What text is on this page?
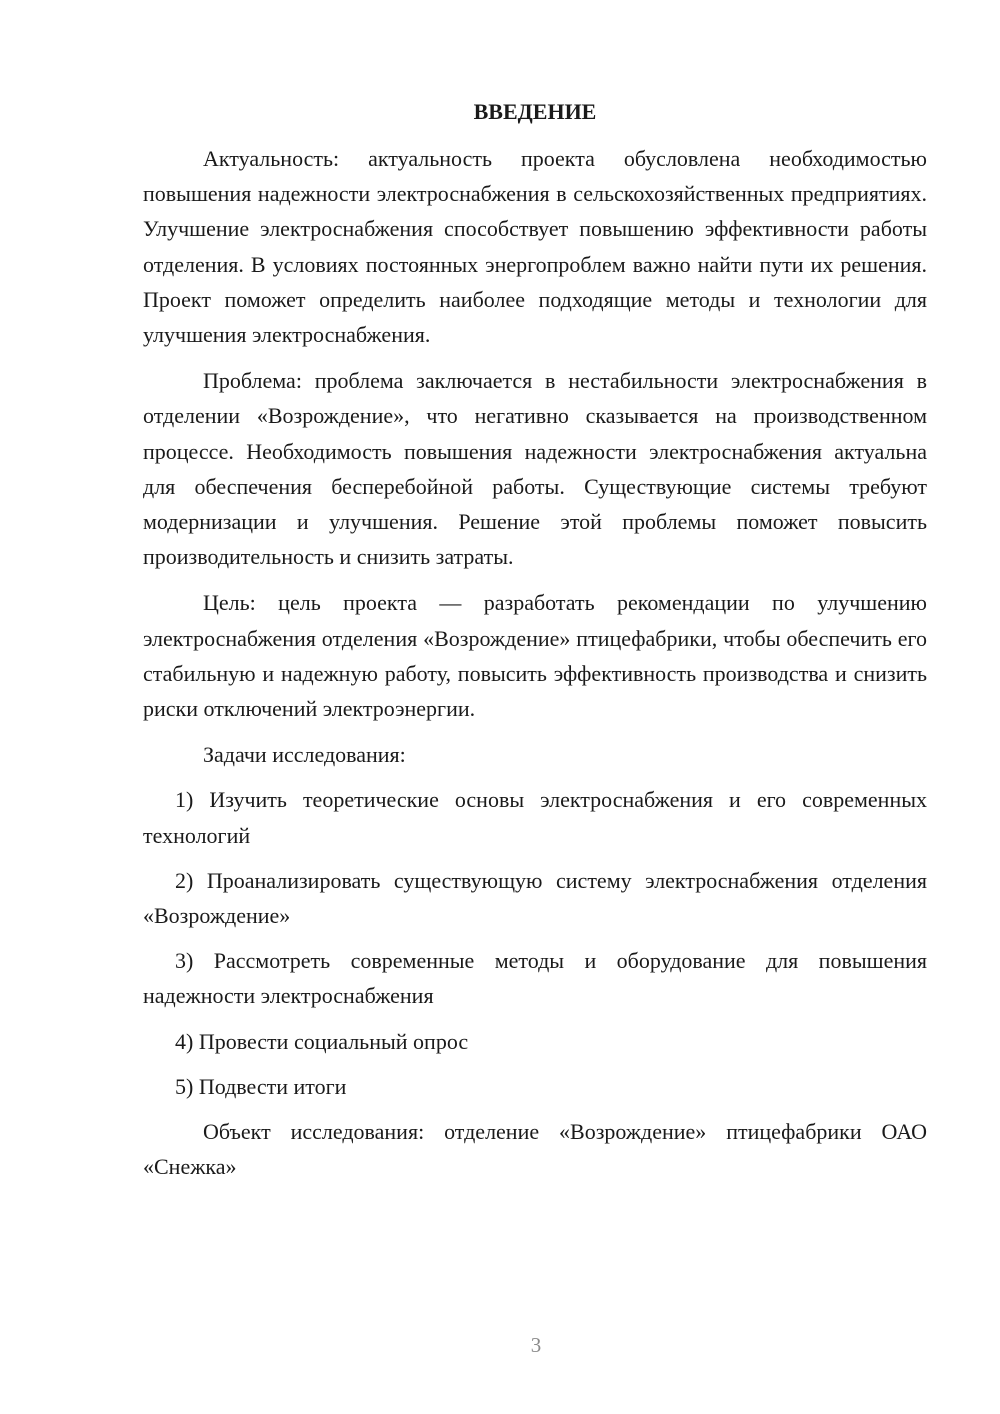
ВВЕДЕНИЕ

Актуальность: актуальность проекта обусловлена необходимостью повышения надежности электроснабжения в сельскохозяйственных предприятиях. Улучшение электроснабжения способствует повышению эффективности работы отделения. В условиях постоянных энергопроблем важно найти пути их решения. Проект поможет определить наиболее подходящие методы и технологии для улучшения электроснабжения.

Проблема: проблема заключается в нестабильности электроснабжения в отделении «Возрождение», что негативно сказывается на производственном процессе. Необходимость повышения надежности электроснабжения актуальна для обеспечения бесперебойной работы. Существующие системы требуют модернизации и улучшения. Решение этой проблемы поможет повысить производительность и снизить затраты.

Цель: цель проекта — разработать рекомендации по улучшению электроснабжения отделения «Возрождение» птицефабрики, чтобы обеспечить его стабильную и надежную работу, повысить эффективность производства и снизить риски отключений электроэнергии.

Задачи исследования:

1) Изучить теоретические основы электроснабжения и его современных технологий

2) Проанализировать существующую систему электроснабжения отделения «Возрождение»

3) Рассмотреть современные методы и оборудование для повышения надежности электроснабжения

4) Провести социальный опрос

5) Подвести итоги

Объект исследования: отделение «Возрождение» птицефабрики ОАО «Снежка»

3
